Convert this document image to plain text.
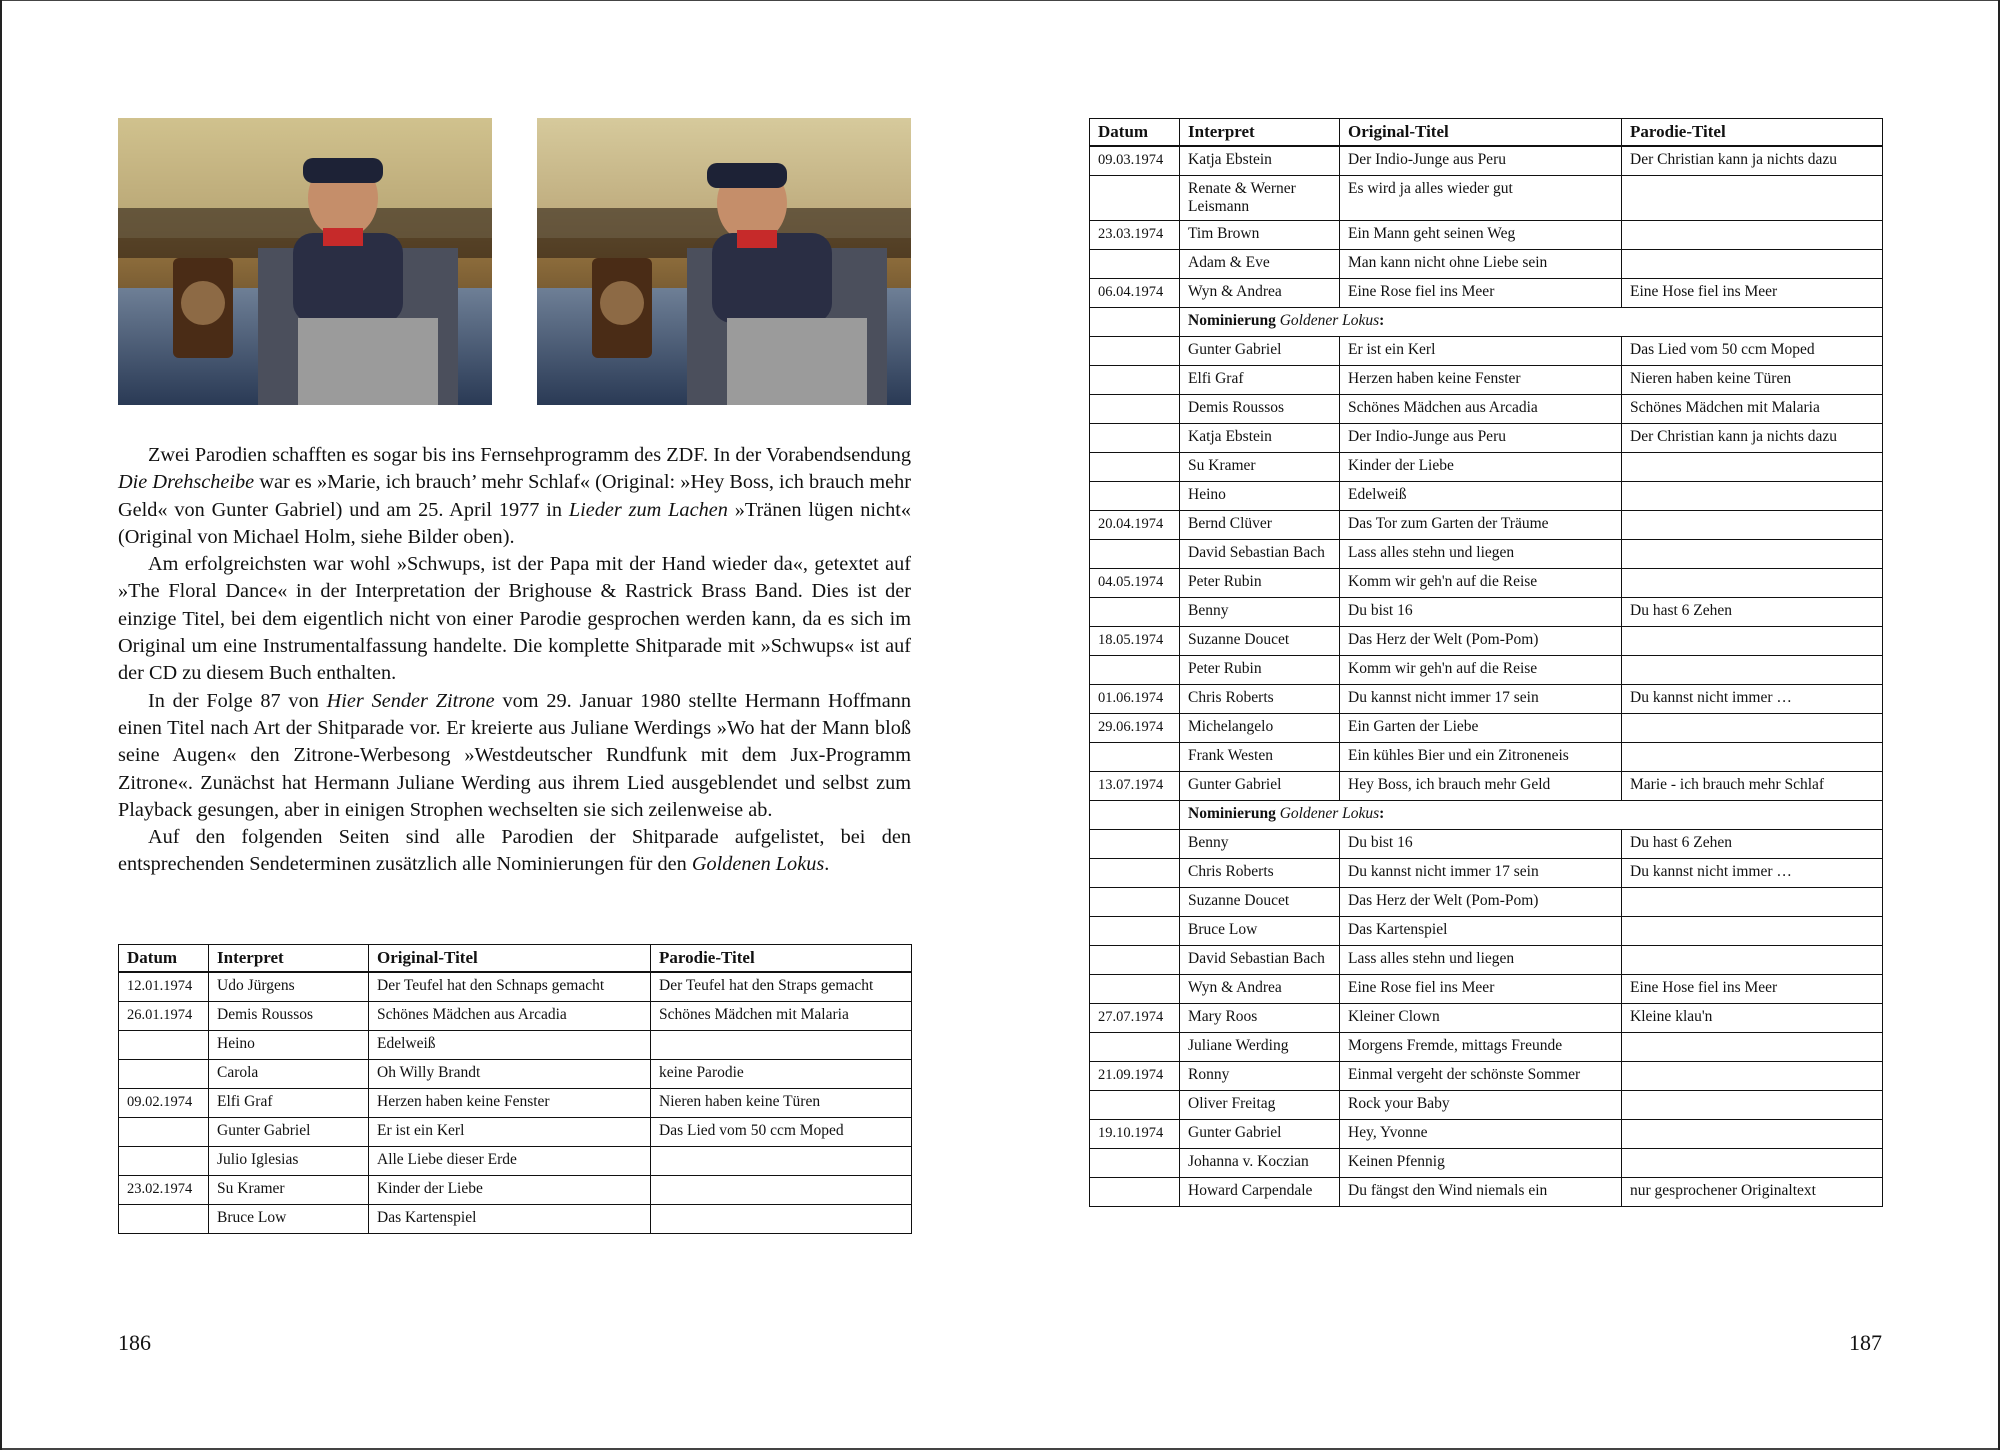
Zwei Parodien schafften es sogar bis ins Fernsehprogramm des ZDF. In der Vorabendsendung Die Drehscheibe war es »Marie, ich brauch’ mehr Schlaf« (Original: »Hey Boss, ich brauch mehr Geld« von Gunter Gabriel) und am 25. April 1977 in Lieder zum Lachen »Tränen lügen nicht« (Original von Michael Holm, siehe Bilder oben).

Am erfolgreichsten war wohl »Schwups, ist der Papa mit der Hand wieder da«, getextet auf »The Floral Dance« in der Interpretation der Brighouse & Rastrick Brass Band. Dies ist der einzige Titel, bei dem eigentlich nicht von einer Parodie gesprochen werden kann, da es sich im Original um eine Instrumentalfassung handelte. Die komplette Shitparade mit »Schwups« ist auf der CD zu diesem Buch enthalten.

In der Folge 87 von Hier Sender Zitrone vom 29. Januar 1980 stellte Hermann Hoffmann einen Titel nach Art der Shitparade vor. Er kreierte aus Juliane Werdings »Wo hat der Mann bloß seine Augen« den Zitrone-Werbesong »Westdeutscher Rundfunk mit dem Jux-Programm Zitrone«. Zunächst hat Hermann Juliane Werding aus ihrem Lied ausgeblendet und selbst zum Playback gesungen, aber in einigen Strophen wechselten sie sich zeilenweise ab.

Auf den folgenden Seiten sind alle Parodien der Shitparade aufgelistet, bei den entsprechenden Sendeterminen zusätzlich alle Nominierungen für den Goldenen Lokus.

Datum	Interpret	Original-Titel	Parodie-Titel
12.01.1974	Udo Jürgens	Der Teufel hat den Schnaps gemacht	Der Teufel hat den Straps gemacht
26.01.1974	Demis Roussos	Schönes Mädchen aus Arcadia	Schönes Mädchen mit Malaria
	Heino	Edelweiß	
	Carola	Oh Willy Brandt	keine Parodie
09.02.1974	Elfi Graf	Herzen haben keine Fenster	Nieren haben keine Türen
	Gunter Gabriel	Er ist ein Kerl	Das Lied vom 50 ccm Moped
	Julio Iglesias	Alle Liebe dieser Erde	
23.02.1974	Su Kramer	Kinder der Liebe	
	Bruce Low	Das Kartenspiel	
Datum	Interpret	Original-Titel	Parodie-Titel
09.03.1974	Katja Ebstein	Der Indio-Junge aus Peru	Der Christian kann ja nichts dazu
	Renate & Werner Leismann	Es wird ja alles wieder gut	
23.03.1974	Tim Brown	Ein Mann geht seinen Weg	
	Adam & Eve	Man kann nicht ohne Liebe sein	
06.04.1974	Wyn & Andrea	Eine Rose fiel ins Meer	Eine Hose fiel ins Meer
	Nominierung Goldener Lokus:		
	Gunter Gabriel	Er ist ein Kerl	Das Lied vom 50 ccm Moped
	Elfi Graf	Herzen haben keine Fenster	Nieren haben keine Türen
	Demis Roussos	Schönes Mädchen aus Arcadia	Schönes Mädchen mit Malaria
	Katja Ebstein	Der Indio-Junge aus Peru	Der Christian kann ja nichts dazu
	Su Kramer	Kinder der Liebe	
	Heino	Edelweiß	
20.04.1974	Bernd Clüver	Das Tor zum Garten der Träume	
	David Sebastian Bach	Lass alles stehn und liegen	
04.05.1974	Peter Rubin	Komm wir geh'n auf die Reise	
	Benny	Du bist 16	Du hast 6 Zehen
18.05.1974	Suzanne Doucet	Das Herz der Welt (Pom-Pom)	
	Peter Rubin	Komm wir geh'n auf die Reise	
01.06.1974	Chris Roberts	Du kannst nicht immer 17 sein	Du kannst nicht immer …
29.06.1974	Michelangelo	Ein Garten der Liebe	
	Frank Westen	Ein kühles Bier und ein Zitroneneis	
13.07.1974	Gunter Gabriel	Hey Boss, ich brauch mehr Geld	Marie - ich brauch mehr Schlaf
	Nominierung Goldener Lokus:		
	Benny	Du bist 16	Du hast 6 Zehen
	Chris Roberts	Du kannst nicht immer 17 sein	Du kannst nicht immer …
	Suzanne Doucet	Das Herz der Welt (Pom-Pom)	
	Bruce Low	Das Kartenspiel	
	David Sebastian Bach	Lass alles stehn und liegen	
	Wyn & Andrea	Eine Rose fiel ins Meer	Eine Hose fiel ins Meer
27.07.1974	Mary Roos	Kleiner Clown	Kleine klau'n
	Juliane Werding	Morgens Fremde, mittags Freunde	
21.09.1974	Ronny	Einmal vergeht der schönste Sommer	
	Oliver Freitag	Rock your Baby	
19.10.1974	Gunter Gabriel	Hey, Yvonne	
	Johanna v. Koczian	Keinen Pfennig	
	Howard Carpendale	Du fängst den Wind niemals ein	nur gesprochener Originaltext
186	187
